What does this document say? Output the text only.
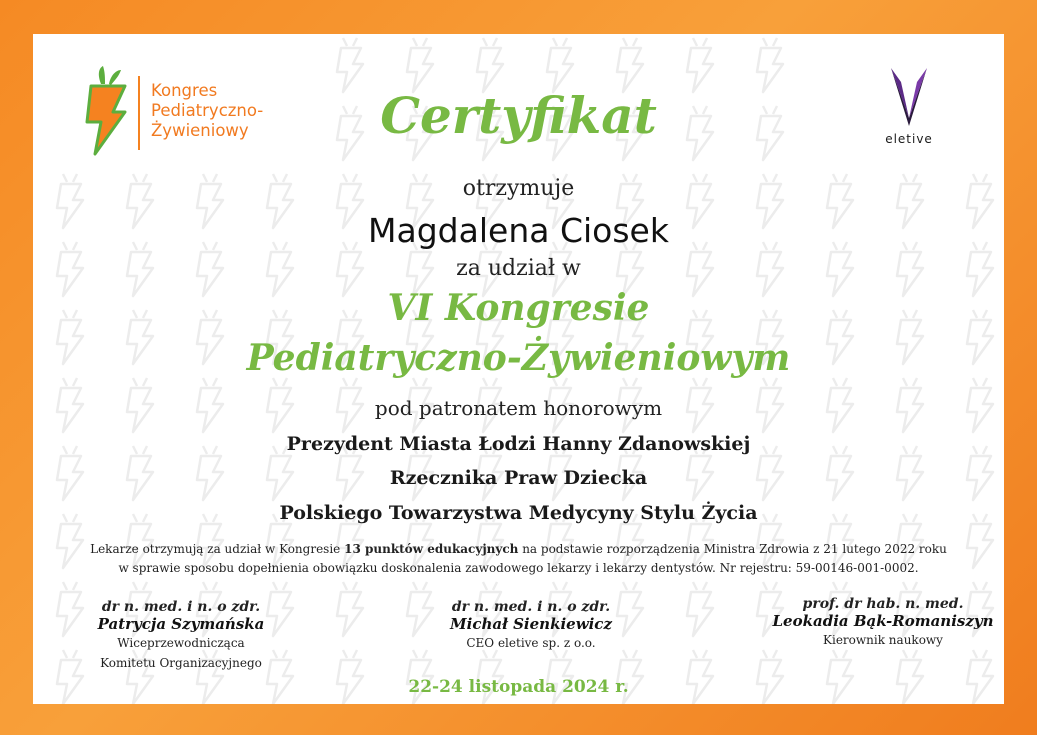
Kongres
Pediatryczno-
Żywieniowy	eletive
Certyfikat
otrzymuje
Magdalena Ciosek
za udział w
VI Kongresie
Pediatryczno-Żywieniowym
pod patronatem honorowym
Prezydent Miasta Łodzi Hanny Zdanowskiej
Rzecznika Praw Dziecka
Polskiego Towarzystwa Medycyny Stylu Życia
Lekarze otrzymują za udział w Kongresie 13 punktów edukacyjnych na podstawie rozporządzenia Ministra Zdrowia z 21 lutego 2022 roku
w sprawie sposobu dopełnienia obowiązku doskonalenia zawodowego lekarzy i lekarzy dentystów. Nr rejestru: 59-00146-001-0002.
dr n. med. i n. o zdr.
Patrycja Szymańska
Wiceprzewodnicząca
Komitetu Organizacyjnego
dr n. med. i n. o zdr.
Michał Sienkiewicz
CEO eletive sp. z o.o.
prof. dr hab. n. med.
Leokadia Bąk-Romaniszyn
Kierownik naukowy
22-24 listopada 2024 r.
